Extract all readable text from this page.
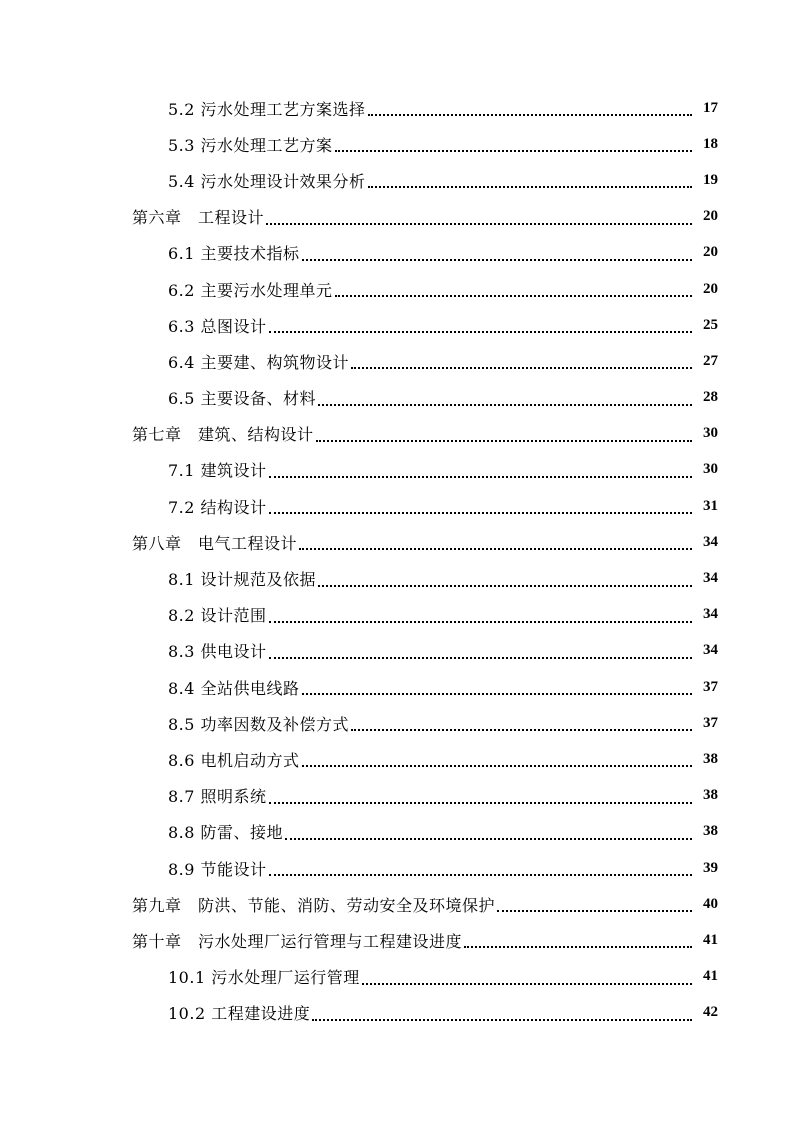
5.2 污水处理工艺方案选择	17
5.3 污水处理工艺方案	18
5.4 污水处理设计效果分析	19
第六章　工程设计	20
6.1 主要技术指标	20
6.2 主要污水处理单元	20
6.3 总图设计	25
6.4 主要建、构筑物设计	27
6.5 主要设备、材料	28
第七章　建筑、结构设计	30
7.1 建筑设计	30
7.2 结构设计	31
第八章　电气工程设计	34
8.1 设计规范及依据	34
8.2 设计范围	34
8.3 供电设计	34
8.4 全站供电线路	37
8.5 功率因数及补偿方式	37
8.6 电机启动方式	38
8.7 照明系统	38
8.8 防雷、接地	38
8.9 节能设计	39
第九章　防洪、节能、消防、劳动安全及环境保护	40
第十章　污水处理厂运行管理与工程建设进度	41
10.1 污水处理厂运行管理	41
10.2 工程建设进度	42
